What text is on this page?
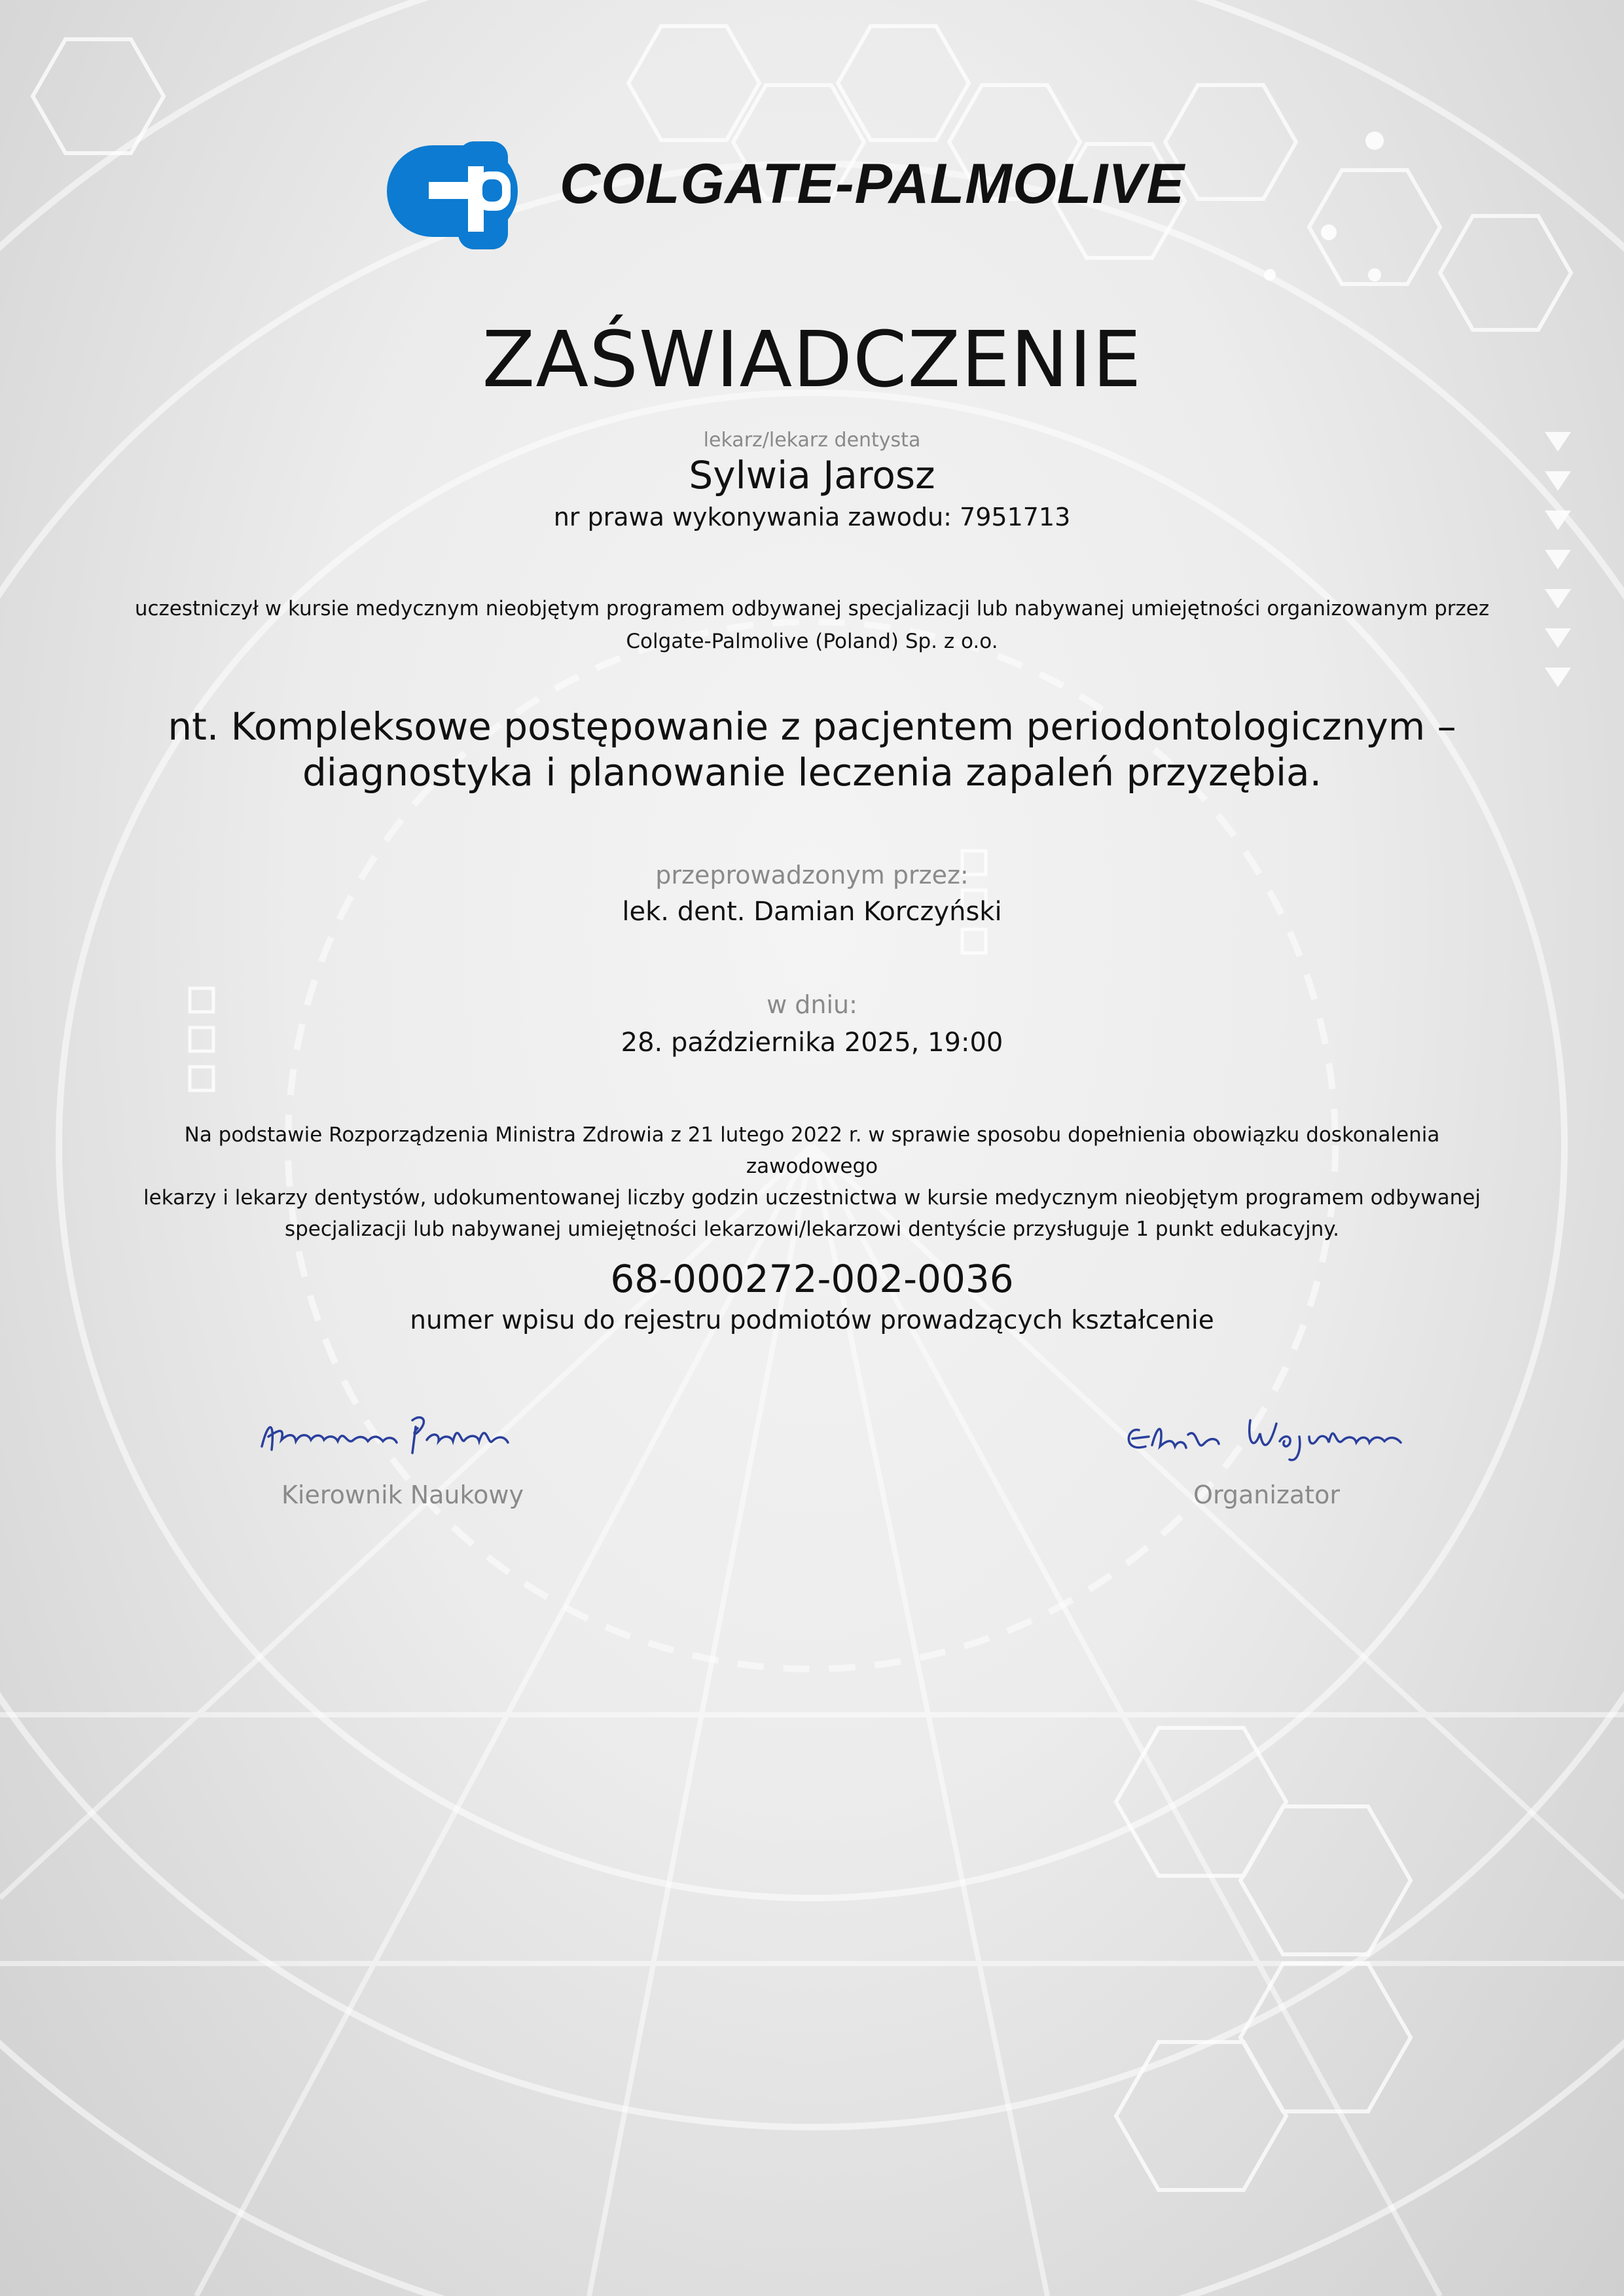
COLGATE-PALMOLIVE
ZAŚWIADCZENIE
lekarz/lekarz dentysta
Sylwia Jarosz
nr prawa wykonywania zawodu: 7951713
uczestniczył w kursie medycznym nieobjętym programem odbywanej specjalizacji lub nabywanej umiejętności organizowanym przez
Colgate-Palmolive (Poland) Sp. z o.o.
nt. Kompleksowe postępowanie z pacjentem periodontologicznym –
diagnostyka i planowanie leczenia zapaleń przyzębia.
przeprowadzonym przez:
lek. dent. Damian Korczyński
w dniu:
28. października 2025, 19:00
Na podstawie Rozporządzenia Ministra Zdrowia z 21 lutego 2022 r. w sprawie sposobu dopełnienia obowiązku doskonalenia zawodowego
lekarzy i lekarzy dentystów, udokumentowanej liczby godzin uczestnictwa w kursie medycznym nieobjętym programem odbywanej
specjalizacji lub nabywanej umiejętności lekarzowi/lekarzowi dentyście przysługuje 1 punkt edukacyjny.
68-000272-002-0036
numer wpisu do rejestru podmiotów prowadzących kształcenie
Kierownik Naukowy	Organizator
